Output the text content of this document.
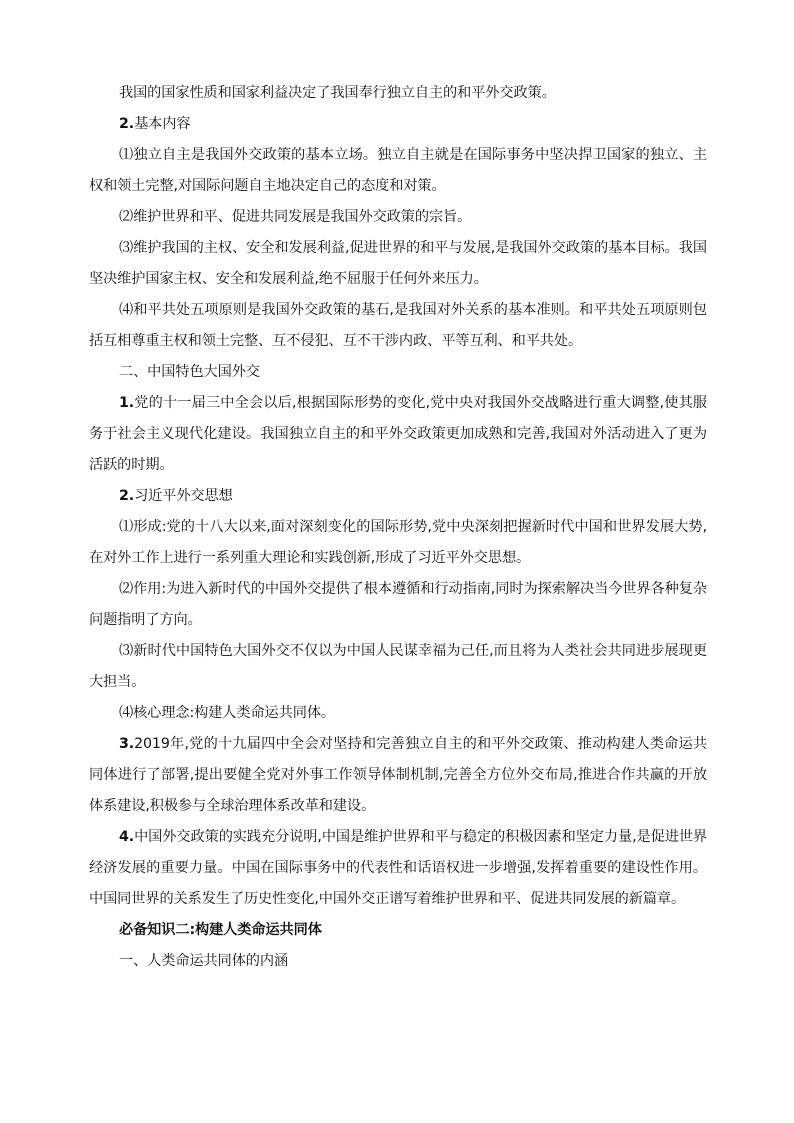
我国的国家性质和国家利益决定了我国奉行独立自主的和平外交政策。

2.基本内容

⑴独立自主是我国外交政策的基本立场。独立自主就是在国际事务中坚决捍卫国家的独立、主权和领土完整,对国际问题自主地决定自己的态度和对策。

⑵维护世界和平、促进共同发展是我国外交政策的宗旨。

⑶维护我国的主权、安全和发展利益,促进世界的和平与发展,是我国外交政策的基本目标。我国坚决维护国家主权、安全和发展利益,绝不屈服于任何外来压力。

⑷和平共处五项原则是我国外交政策的基石,是我国对外关系的基本准则。和平共处五项原则包括互相尊重主权和领土完整、互不侵犯、互不干涉内政、平等互利、和平共处。

二、中国特色大国外交

1.党的十一届三中全会以后,根据国际形势的变化,党中央对我国外交战略进行重大调整,使其服务于社会主义现代化建设。我国独立自主的和平外交政策更加成熟和完善,我国对外活动进入了更为活跃的时期。

2.习近平外交思想

⑴形成:党的十八大以来,面对深刻变化的国际形势,党中央深刻把握新时代中国和世界发展大势,在对外工作上进行一系列重大理论和实践创新,形成了习近平外交思想。

⑵作用:为进入新时代的中国外交提供了根本遵循和行动指南,同时为探索解决当今世界各种复杂问题指明了方向。

⑶新时代中国特色大国外交不仅以为中国人民谋幸福为己任,而且将为人类社会共同进步展现更大担当。

⑷核心理念:构建人类命运共同体。

3.2019年,党的十九届四中全会对坚持和完善独立自主的和平外交政策、推动构建人类命运共同体进行了部署,提出要健全党对外事工作领导体制机制,完善全方位外交布局,推进合作共赢的开放体系建设,积极参与全球治理体系改革和建设。

4.中国外交政策的实践充分说明,中国是维护世界和平与稳定的积极因素和坚定力量,是促进世界经济发展的重要力量。中国在国际事务中的代表性和话语权进一步增强,发挥着重要的建设性作用。中国同世界的关系发生了历史性变化,中国外交正谱写着维护世界和平、促进共同发展的新篇章。

必备知识二:构建人类命运共同体

一、人类命运共同体的内涵
